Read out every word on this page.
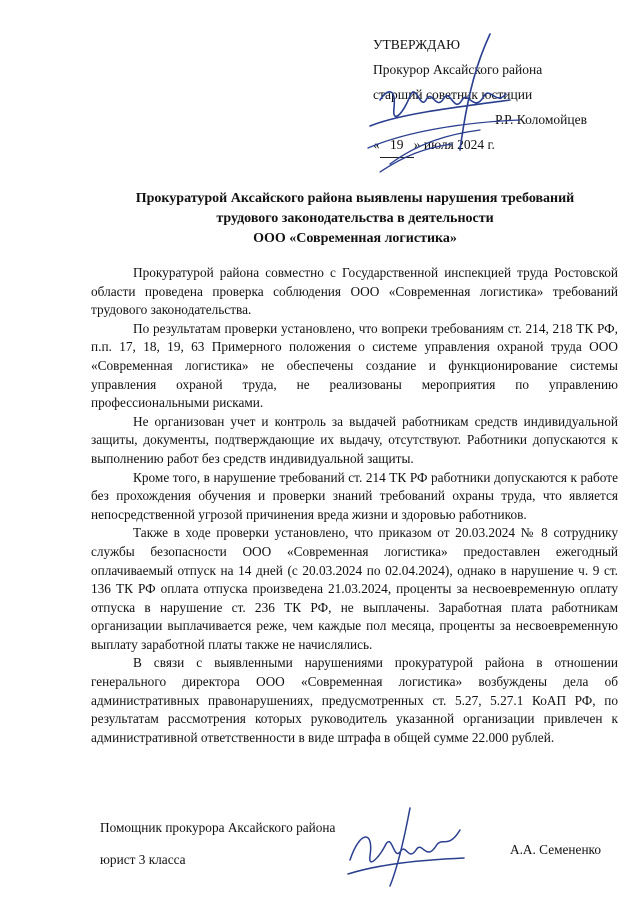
УТВЕРЖДАЮ
Прокурор Аксайского района
старший советник юстиции
Р.Р. Коломойцев
« 19 » июля 2024 г.
Прокуратурой Аксайского района выявлены нарушения требований
трудового законодательства в деятельности
ООО «Современная логистика»

Прокуратурой района совместно с Государственной инспекцией труда Ростовской области проведена проверка соблюдения ООО «Современная логистика» требований трудового законодательства.

По результатам проверки установлено, что вопреки требованиям ст. 214, 218 ТК РФ, п.п. 17, 18, 19, 63 Примерного положения о системе управления охраной труда ООО «Современная логистика» не обеспечены создание и функционирование системы управления охраной труда, не реализованы мероприятия по управлению профессиональными рисками.

Не организован учет и контроль за выдачей работникам средств индивидуальной защиты, документы, подтверждающие их выдачу, отсутствуют. Работники допускаются к выполнению работ без средств индивидуальной защиты.

Кроме того, в нарушение требований ст. 214 ТК РФ работники допускаются к работе без прохождения обучения и проверки знаний требований охраны труда, что является непосредственной угрозой причинения вреда жизни и здоровью работников.

Также в ходе проверки установлено, что приказом от 20.03.2024 № 8 сотруднику службы безопасности ООО «Современная логистика» предоставлен ежегодный оплачиваемый отпуск на 14 дней (с 20.03.2024 по 02.04.2024), однако в нарушение ч. 9 ст. 136 ТК РФ оплата отпуска произведена 21.03.2024, проценты за несвоевременную оплату отпуска в нарушение ст. 236 ТК РФ, не выплачены. Заработная плата работникам организации выплачивается реже, чем каждые пол месяца, проценты за несвоевременную выплату заработной платы также не начислялись.

В связи с выявленными нарушениями прокуратурой района в отношении генерального директора ООО «Современная логистика» возбуждены дела об административных правонарушениях, предусмотренных ст. 5.27, 5.27.1 КоАП РФ, по результатам рассмотрения которых руководитель указанной организации привлечен к административной ответственности в виде штрафа в общей сумме 22.000 рублей.

Помощник прокурора Аксайского района
юрист 3 класса
А.А. Семененко
